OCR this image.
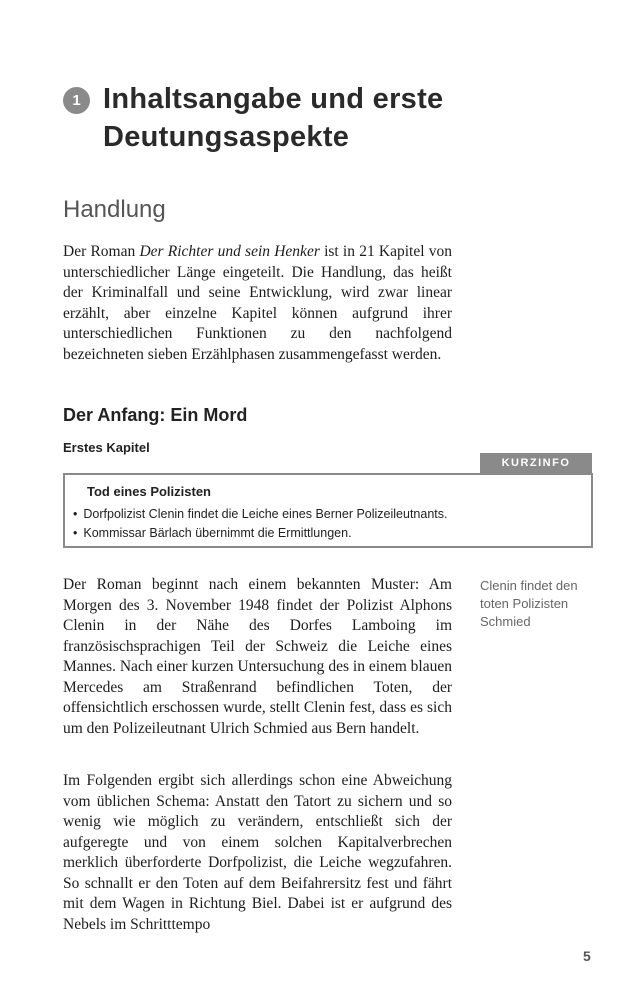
1 Inhaltsangabe und erste Deutungsaspekte
Handlung

Der Roman Der Richter und sein Henker ist in 21 Kapitel von unterschiedlicher Länge eingeteilt. Die Handlung, das heißt der Kriminalfall und seine Entwicklung, wird zwar linear erzählt, aber einzelne Kapitel können aufgrund ihrer unterschiedlichen Funktionen zu den nachfolgend bezeichneten sieben Erzählphasen zusammengefasst werden.

Der Anfang: Ein Mord
Erstes Kapitel
KURZINFO
Tod eines Polizisten
• Dorfpolizist Clenin findet die Leiche eines Berner Polizeileutnants.
• Kommissar Bärlach übernimmt die Ermittlungen.

Der Roman beginnt nach einem bekannten Muster: Am Morgen des 3. November 1948 findet der Polizist Alphons Clenin in der Nähe des Dorfes Lamboing im französischsprachigen Teil der Schweiz die Leiche eines Mannes. Nach einer kurzen Untersuchung des in einem blauen Mercedes am Straßenrand befindlichen Toten, der offensichtlich erschossen wurde, stellt Clenin fest, dass es sich um den Polizeileutnant Ulrich Schmied aus Bern handelt.

Clenin findet den toten Polizisten Schmied

Im Folgenden ergibt sich allerdings schon eine Abweichung vom üblichen Schema: Anstatt den Tatort zu sichern und so wenig wie möglich zu verändern, entschließt sich der aufgeregte und von einem solchen Kapitalverbrechen merklich überforderte Dorfpolizist, die Leiche wegzufahren. So schnallt er den Toten auf dem Beifahrersitz fest und fährt mit dem Wagen in Richtung Biel. Dabei ist er aufgrund des Nebels im Schritttempo

5
